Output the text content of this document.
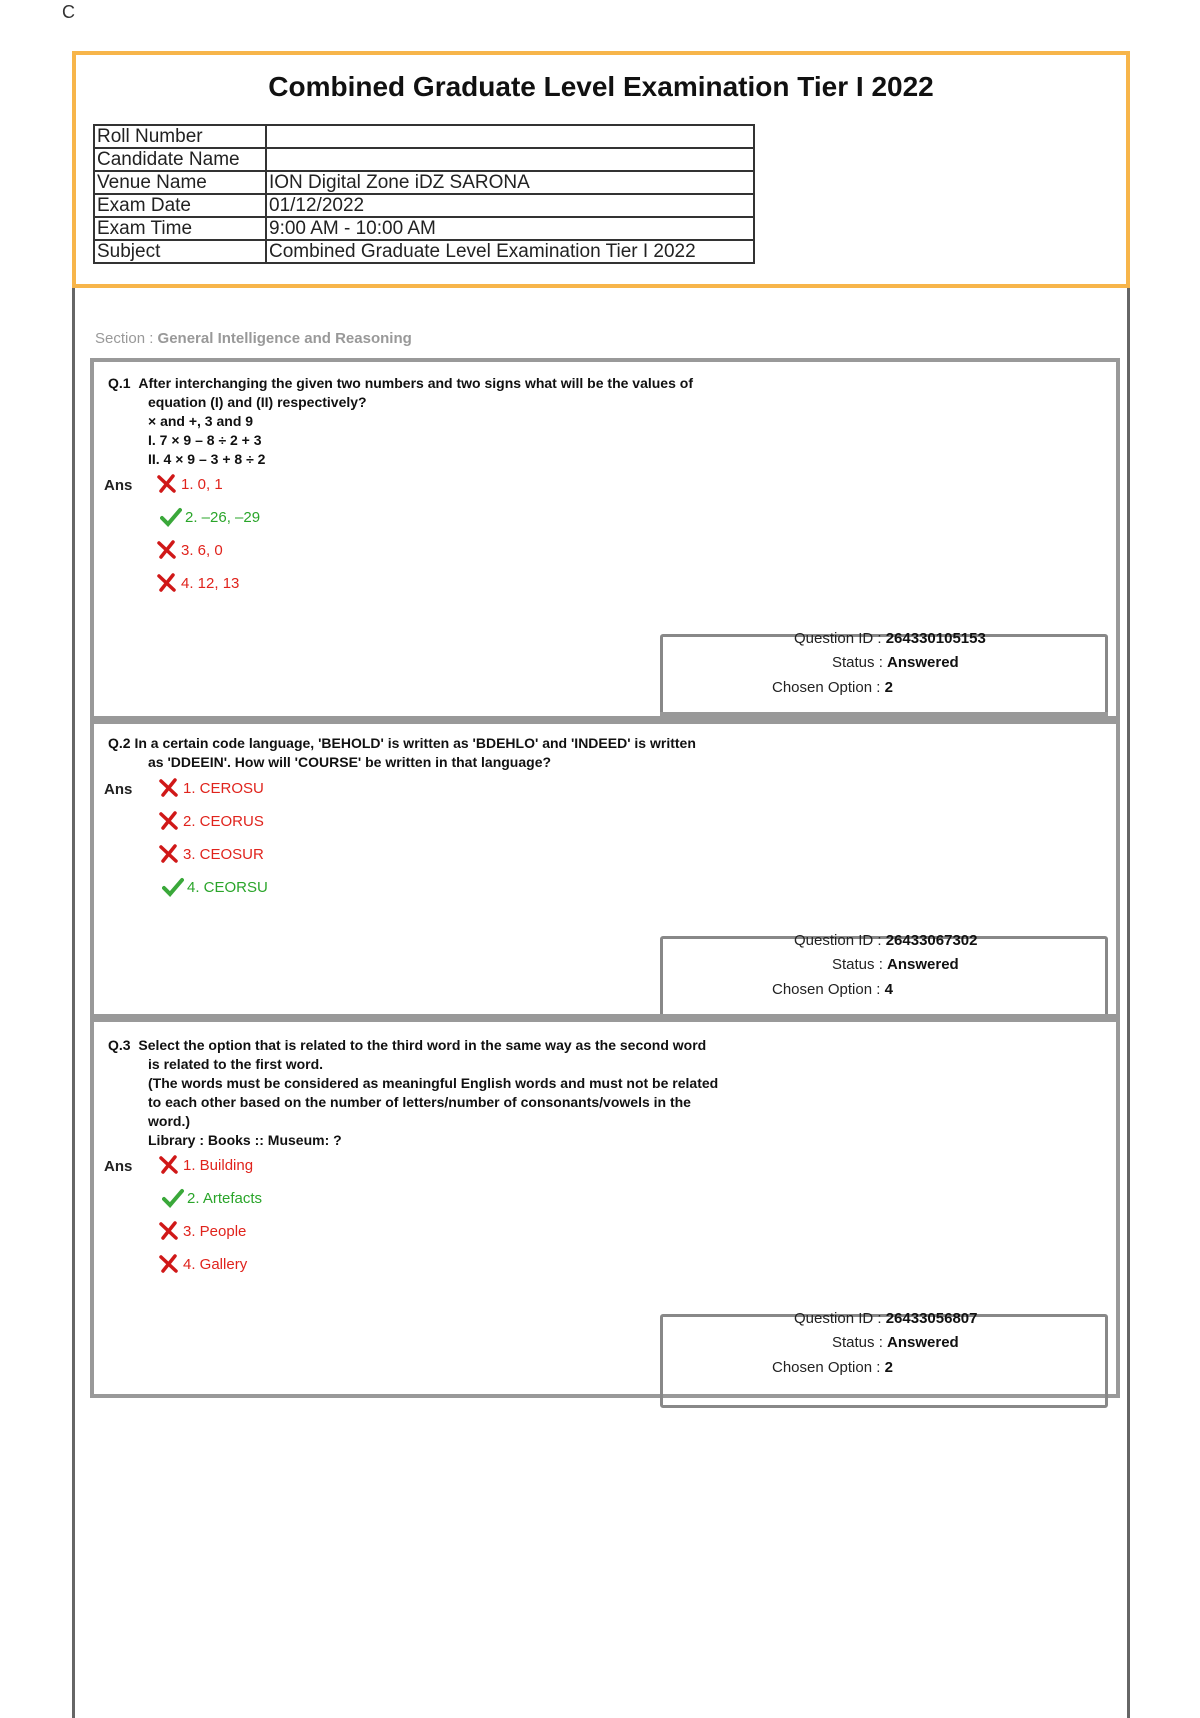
C
Combined Graduate Level Examination Tier I 2022
Roll Number	
Candidate Name	
Venue Name	ION Digital Zone iDZ SARONA
Exam Date	01/12/2022
Exam Time	9:00 AM - 10:00 AM
Subject	Combined Graduate Level Examination Tier I 2022
Section : General Intelligence and Reasoning
Q.1 After interchanging the given two numbers and two signs what will be the values of
equation (I) and (II) respectively?
× and +, 3 and 9
I. 7 × 9 – 8 ÷ 2 + 3
II. 4 × 9 – 3 + 8 ÷ 2
Ans	1. 0, 1
2. –26, –29
3. 6, 0
4. 12, 13
Question ID : 264330105153
Status : Answered
Chosen Option : 2
Q.2 In a certain code language, 'BEHOLD' is written as 'BDEHLO' and 'INDEED' is written
as 'DDEEIN'. How will 'COURSE' be written in that language?
Ans	1. CEROSU
2. CEORUS
3. CEOSUR
4. CEORSU
Question ID : 26433067302
Status : Answered
Chosen Option : 4
Q.3 Select the option that is related to the third word in the same way as the second word
is related to the first word.
(The words must be considered as meaningful English words and must not be related
to each other based on the number of letters/number of consonants/vowels in the
word.)
Library : Books :: Museum: ?
Ans	1. Building
2. Artefacts
3. People
4. Gallery
Question ID : 26433056807
Status : Answered
Chosen Option : 2
